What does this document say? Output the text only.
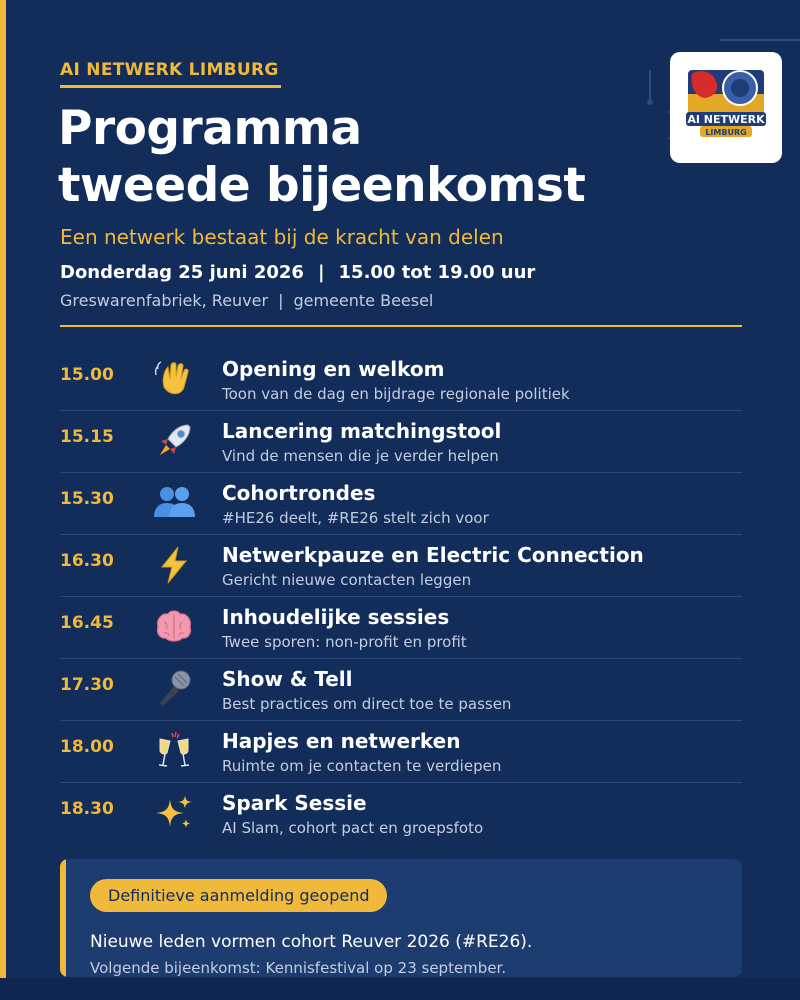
AI NETWERK
LIMBURG
AI NETWERK LIMBURG
Programma
tweede bijeenkomst
Een netwerk bestaat bij de kracht van delen
Donderdag 25 juni 2026 | 15.00 tot 19.00 uur
Greswarenfabriek, Reuver | gemeente Beesel
15.00	Opening en welkom
Toon van de dag en bijdrage regionale politiek
15.15	Lancering matchingstool
Vind de mensen die je verder helpen
15.30	Cohortrondes
#HE26 deelt, #RE26 stelt zich voor
16.30	Netwerkpauze en Electric Connection
Gericht nieuwe contacten leggen
16.45	Inhoudelijke sessies
Twee sporen: non-profit en profit
17.30	Show & Tell
Best practices om direct toe te passen
18.00	Hapjes en netwerken
Ruimte om je contacten te verdiepen
18.30	Spark Sessie
AI Slam, cohort pact en groepsfoto
Definitieve aanmelding geopend
Nieuwe leden vormen cohort Reuver 2026 (#RE26).
Volgende bijeenkomst: Kennisfestival op 23 september.
